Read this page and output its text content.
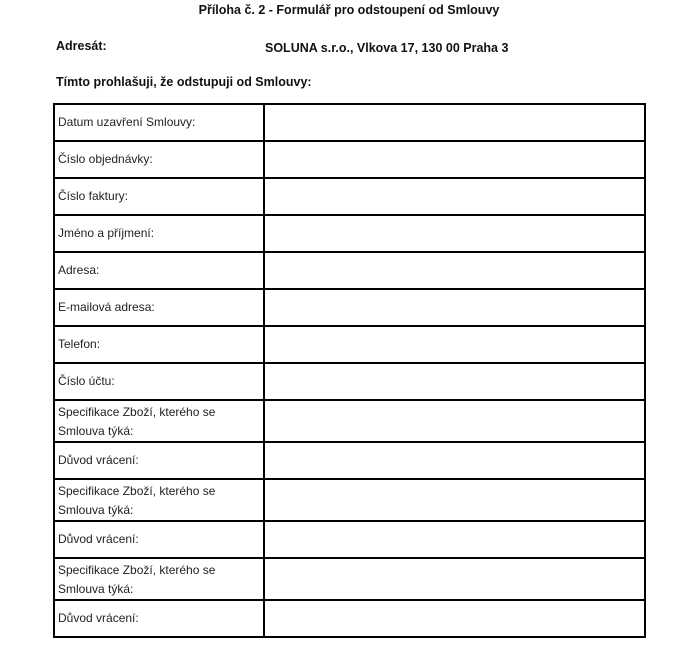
Příloha č. 2 - Formulář pro odstoupení od Smlouvy
Adresát:	SOLUNA s.r.o., Vlkova 17, 130 00 Praha 3
Tímto prohlašuji, že odstupuji od Smlouvy:
Datum uzavření Smlouvy:	
Číslo objednávky:	
Číslo faktury:	
Jméno a příjmení:	
Adresa:	
E-mailová adresa:	
Telefon:	
Číslo účtu:	
Specifikace Zboží, kterého se Smlouva týká:	
Důvod vrácení:	
Specifikace Zboží, kterého se Smlouva týká:	
Důvod vrácení:	
Specifikace Zboží, kterého se Smlouva týká:	
Důvod vrácení:	
